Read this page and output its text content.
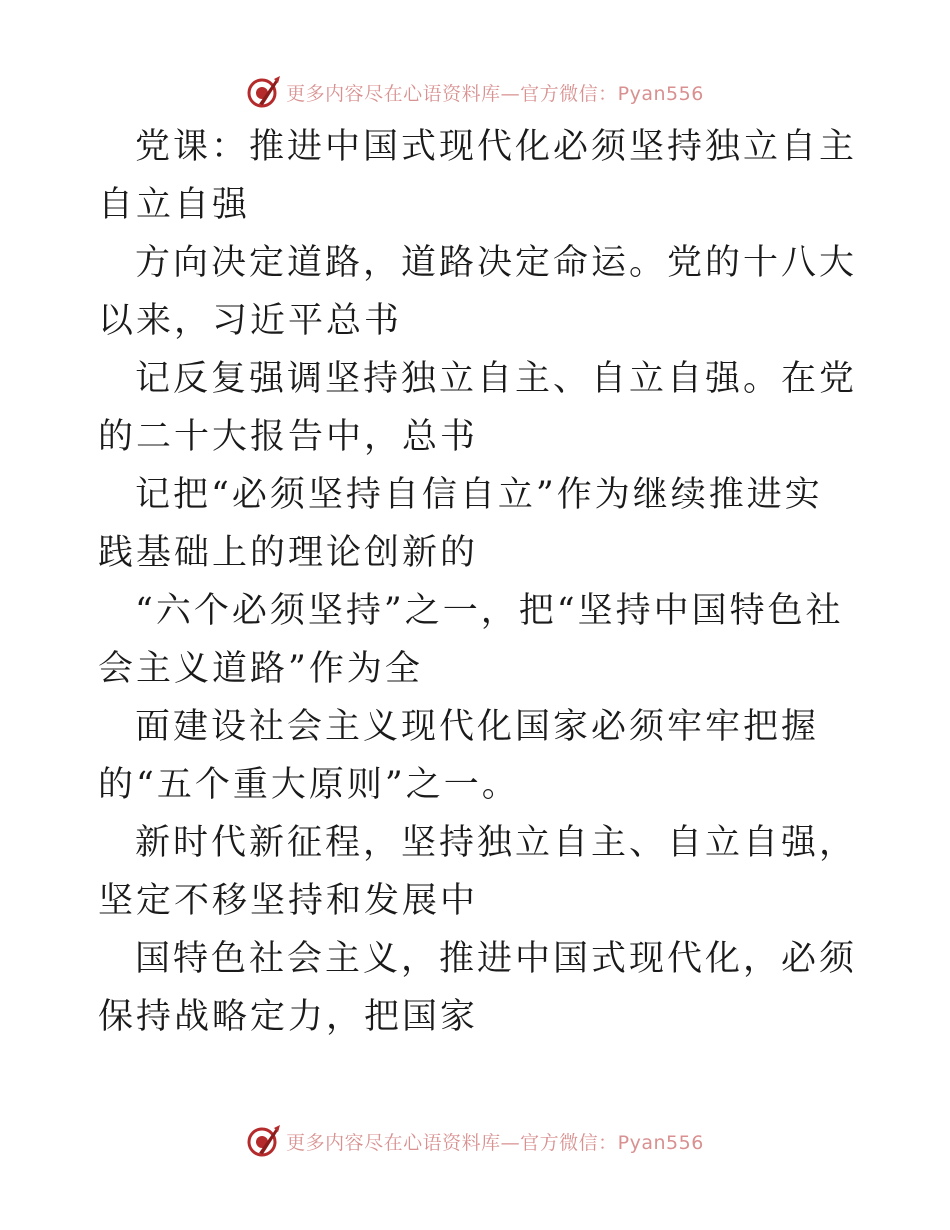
更多内容尽在心语资料库—官方微信：Pyan556

党课：推进中国式现代化必须坚持独立自主自立自强

方向决定道路，道路决定命运。党的十八大以来，习近平总书

记反复强调坚持独立自主、自立自强。在党的二十大报告中，总书

记把“必须坚持自信自立”作为继续推进实践基础上的理论创新的

“六个必须坚持”之一，把“坚持中国特色社会主义道路”作为全

面建设社会主义现代化国家必须牢牢把握的“五个重大原则”之一。

新时代新征程，坚持独立自主、自立自强，坚定不移坚持和发展中

国特色社会主义，推进中国式现代化，必须保持战略定力，把国家

更多内容尽在心语资料库—官方微信：Pyan556
